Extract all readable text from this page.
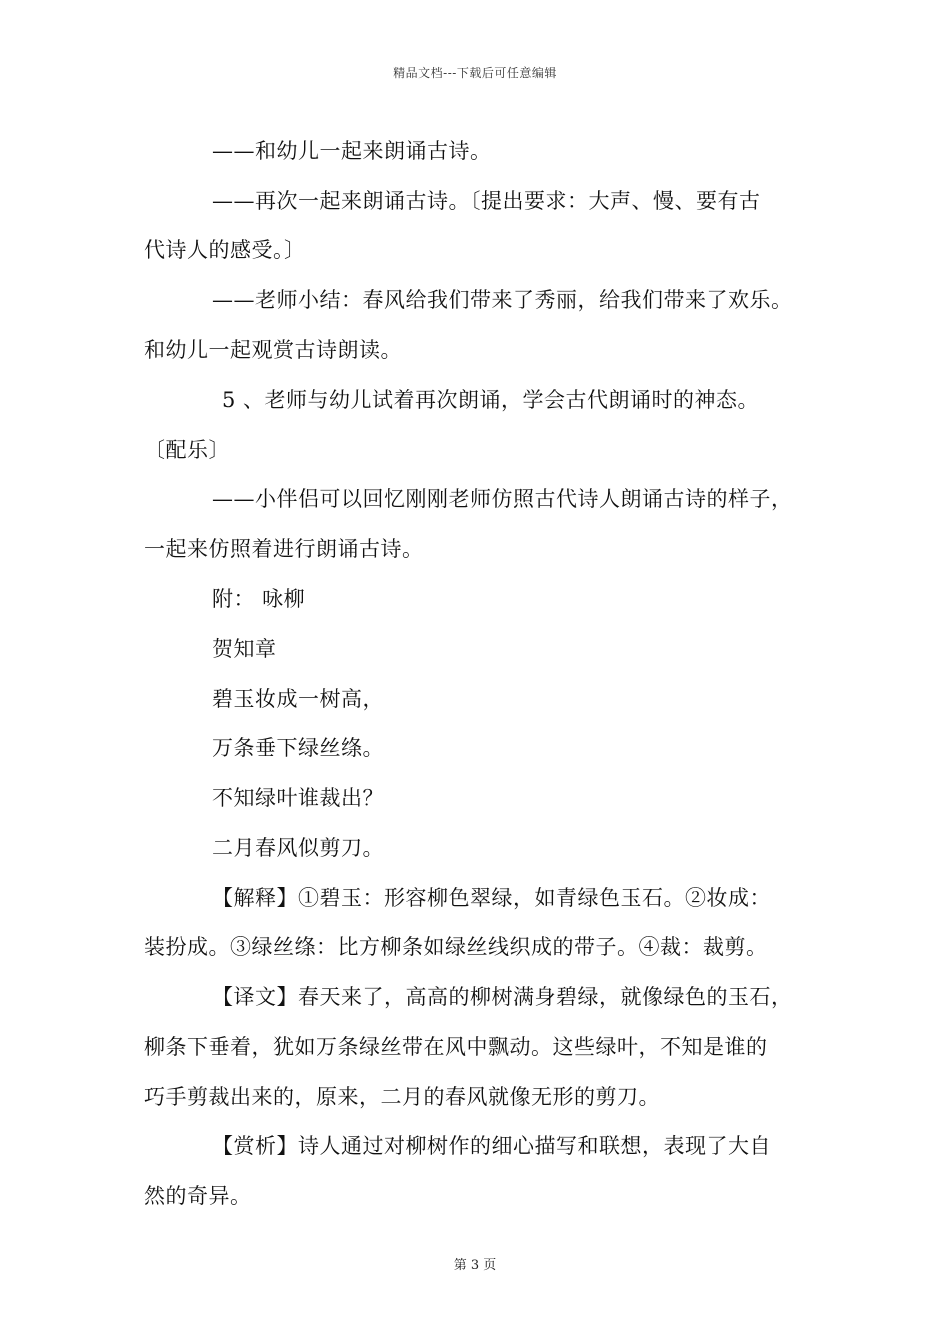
精品文档---下载后可任意编辑
——和幼儿一起来朗诵古诗。
——再次一起来朗诵古诗。〔提出要求：大声、慢、要有古
代诗人的感受。〕
——老师小结：春风给我们带来了秀丽，给我们带来了欢乐。
和幼儿一起观赏古诗朗读。
5 、老师与幼儿试着再次朗诵，学会古代朗诵时的神态。
〔配乐〕
——小伴侣可以回忆刚刚老师仿照古代诗人朗诵古诗的样子，
一起来仿照着进行朗诵古诗。
附： 咏柳
贺知章
碧玉妆成一树高，
万条垂下绿丝绦。
不知绿叶谁裁出？
二月春风似剪刀。
【解释】①碧玉：形容柳色翠绿，如青绿色玉石。②妆成：
装扮成。③绿丝绦：比方柳条如绿丝线织成的带子。④裁：裁剪。
【译文】春天来了，高高的柳树满身碧绿，就像绿色的玉石，
柳条下垂着，犹如万条绿丝带在风中飘动。这些绿叶，不知是谁的
巧手剪裁出来的，原来，二月的春风就像无形的剪刀。
【赏析】诗人通过对柳树作的细心描写和联想，表现了大自
然的奇异。
第 3 页
